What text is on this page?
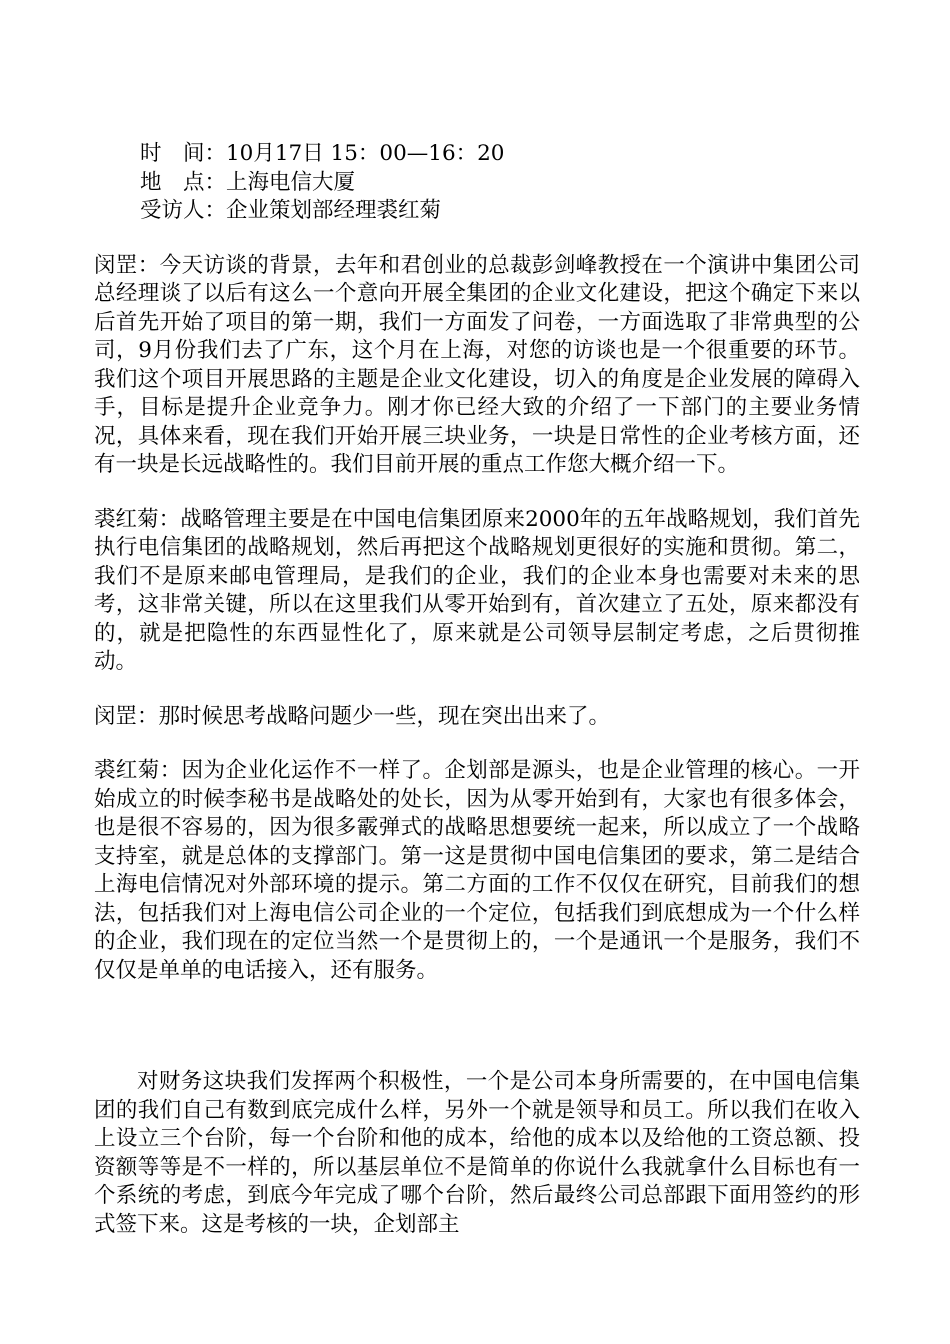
时　间：10月17日 15：00—16：20

地　点：上海电信大厦

受访人：企业策划部经理裘红菊

闵罡：今天访谈的背景，去年和君创业的总裁彭剑峰教授在一个演讲中集团公司总经理谈了以后有这么一个意向开展全集团的企业文化建设，把这个确定下来以后首先开始了项目的第一期，我们一方面发了问卷，一方面选取了非常典型的公司，9月份我们去了广东，这个月在上海，对您的访谈也是一个很重要的环节。我们这个项目开展思路的主题是企业文化建设，切入的角度是企业发展的障碍入手，目标是提升企业竞争力。刚才你已经大致的介绍了一下部门的主要业务情况，具体来看，现在我们开始开展三块业务，一块是日常性的企业考核方面，还有一块是长远战略性的。我们目前开展的重点工作您大概介绍一下。

裘红菊：战略管理主要是在中国电信集团原来2000年的五年战略规划，我们首先执行电信集团的战略规划，然后再把这个战略规划更很好的实施和贯彻。第二，我们不是原来邮电管理局，是我们的企业，我们的企业本身也需要对未来的思考，这非常关键，所以在这里我们从零开始到有，首次建立了五处，原来都没有的，就是把隐性的东西显性化了，原来就是公司领导层制定考虑，之后贯彻推动。

闵罡：那时候思考战略问题少一些，现在突出出来了。

裘红菊：因为企业化运作不一样了。企划部是源头，也是企业管理的核心。一开始成立的时候李秘书是战略处的处长，因为从零开始到有，大家也有很多体会，也是很不容易的，因为很多霰弹式的战略思想要统一起来，所以成立了一个战略支持室，就是总体的支撑部门。第一这是贯彻中国电信集团的要求，第二是结合上海电信情况对外部环境的提示。第二方面的工作不仅仅在研究，目前我们的想法，包括我们对上海电信公司企业的一个定位，包括我们到底想成为一个什么样的企业，我们现在的定位当然一个是贯彻上的，一个是通讯一个是服务，我们不仅仅是单单的电话接入，还有服务。

对财务这块我们发挥两个积极性，一个是公司本身所需要的，在中国电信集团的我们自己有数到底完成什么样，另外一个就是领导和员工。所以我们在收入上设立三个台阶，每一个台阶和他的成本，给他的成本以及给他的工资总额、投资额等等是不一样的，所以基层单位不是简单的你说什么我就拿什么目标也有一个系统的考虑，到底今年完成了哪个台阶，然后最终公司总部跟下面用签约的形式签下来。这是考核的一块，企划部主
